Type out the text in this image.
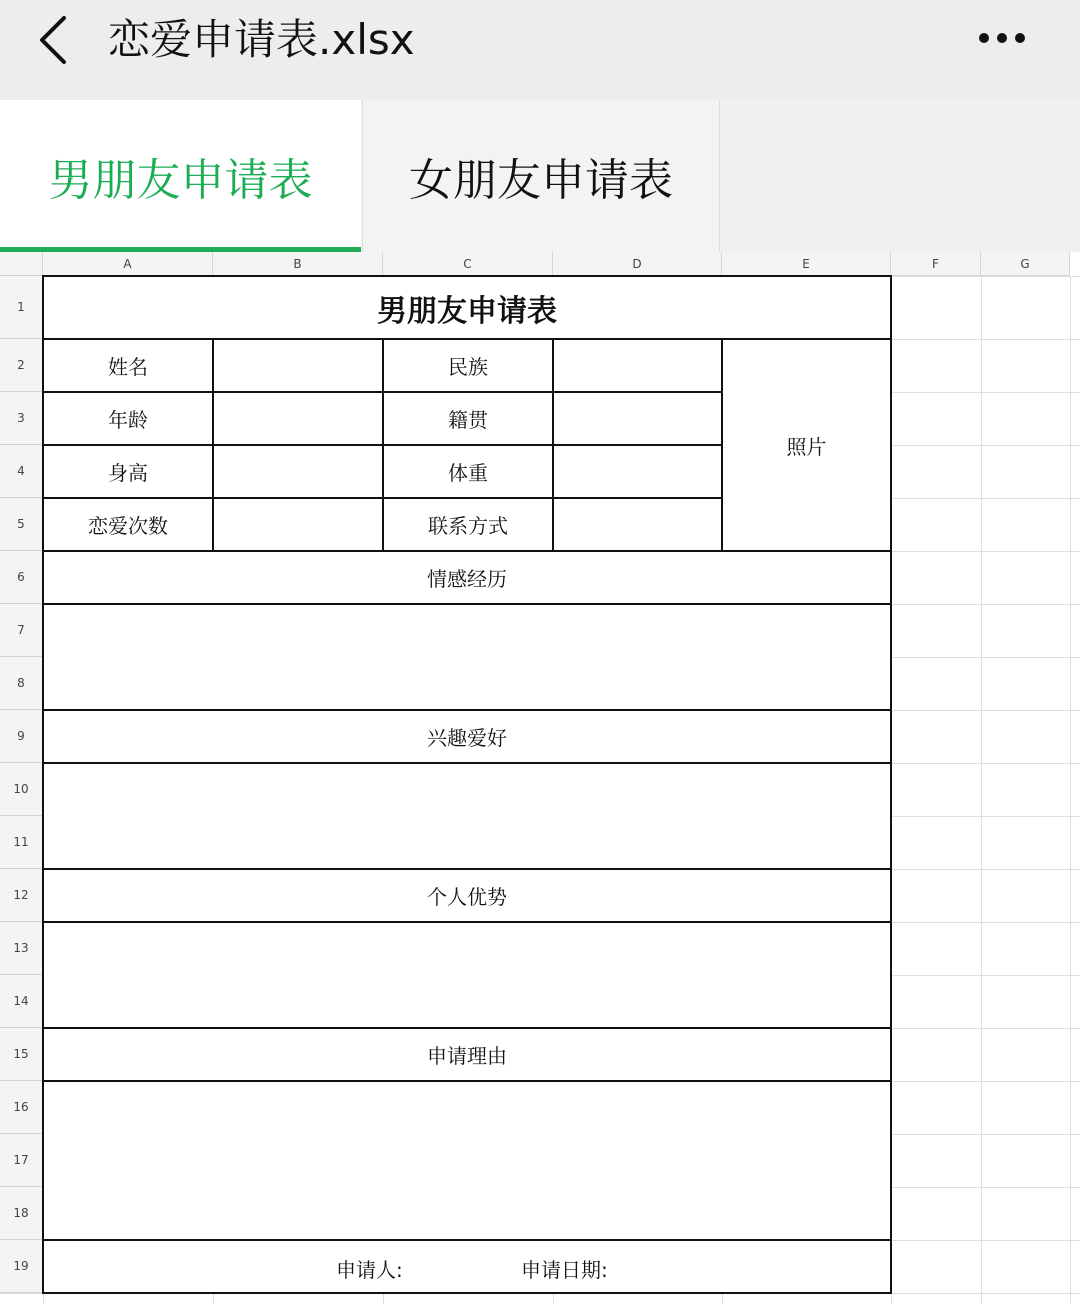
恋爱申请表.xlsx
男朋友申请表 女朋友申请表
A	B	C	D	E	F	G
1
2
3
4
5
6
7
8
9
10
11
12
13
14
15
16
17
18
19
男朋友申请表
姓名	民族
年龄	籍贯
身高	体重
恋爱次数	联系方式
照片
情感经历
兴趣爱好
个人优势
申请理由
申请人:	申请日期:
